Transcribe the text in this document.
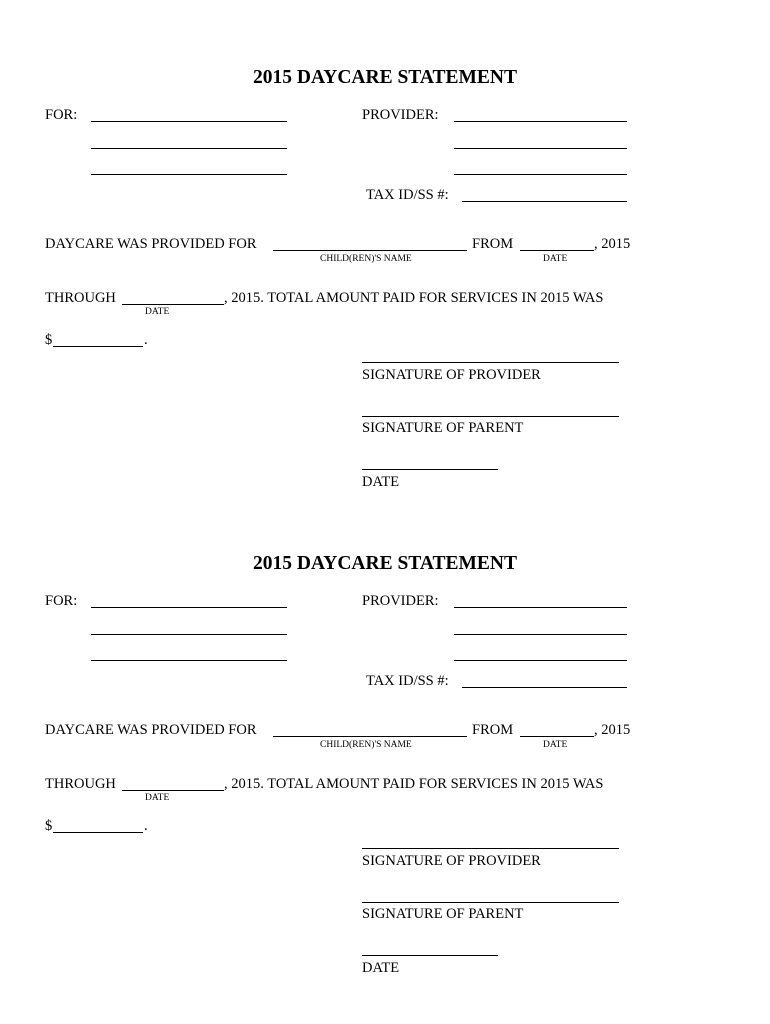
2015 DAYCARE STATEMENT
FOR:	PROVIDER:
TAX ID/SS #:
DAYCARE WAS PROVIDED FOR	FROM	, 2015
CHILD(REN)'S NAME	DATE
THROUGH	, 2015. TOTAL AMOUNT PAID FOR SERVICES IN 2015 WAS
DATE
$	.
SIGNATURE OF PROVIDER
SIGNATURE OF PARENT
DATE
2015 DAYCARE STATEMENT
FOR:	PROVIDER:
TAX ID/SS #:
DAYCARE WAS PROVIDED FOR	FROM	, 2015
CHILD(REN)'S NAME	DATE
THROUGH	, 2015. TOTAL AMOUNT PAID FOR SERVICES IN 2015 WAS
DATE
$	.
SIGNATURE OF PROVIDER
SIGNATURE OF PARENT
DATE
